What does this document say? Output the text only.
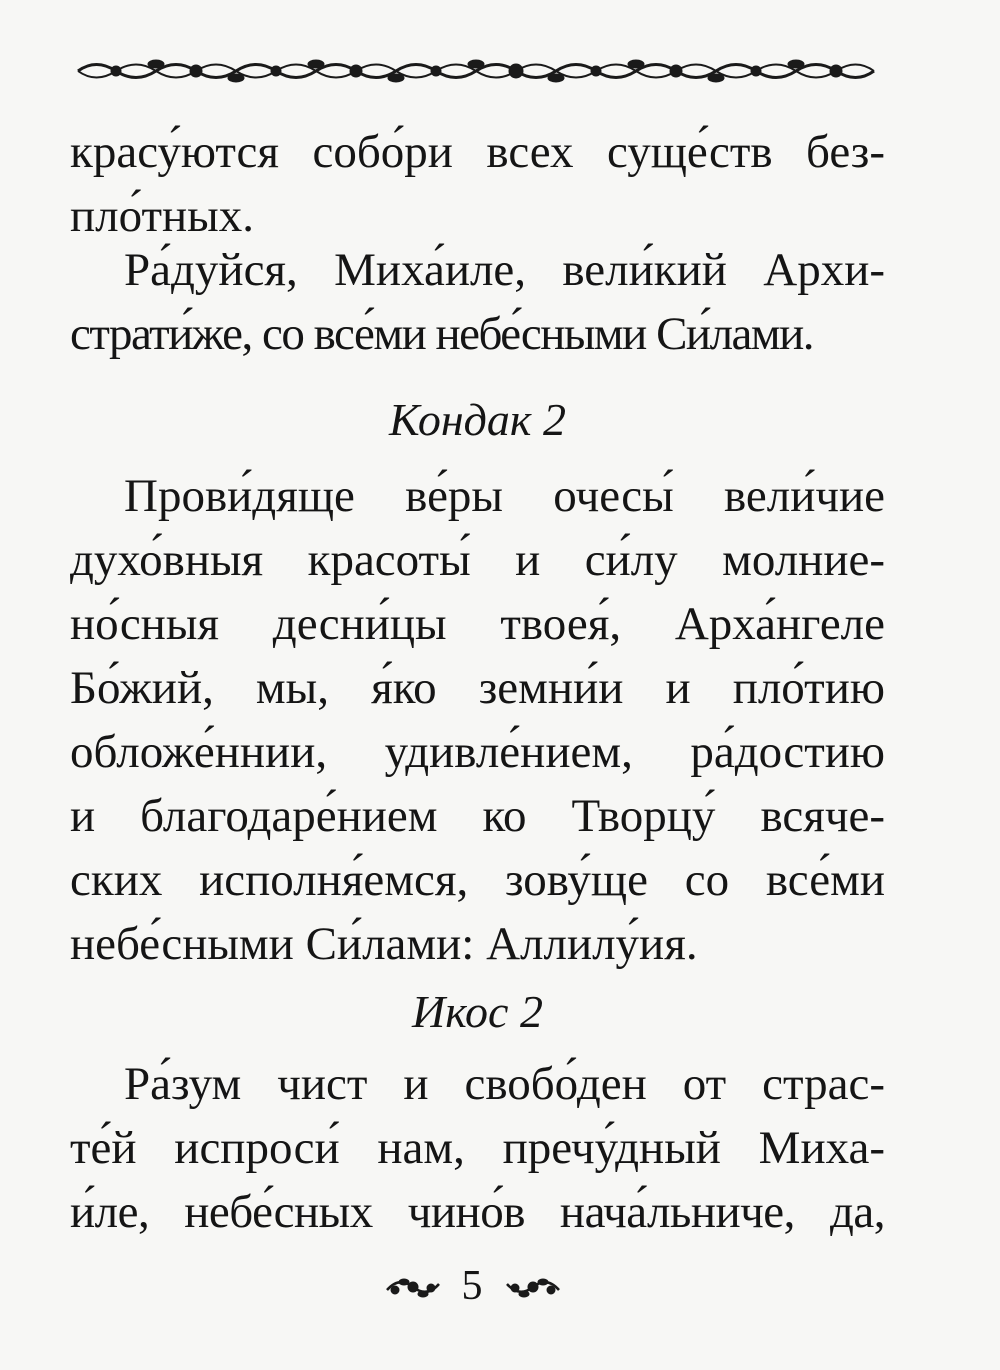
красу́ются собо́ри всех суще́ств без-
пло́тных.
Ра́дуйся, Миха́иле, вели́кий Архи-
страти́же, со все́ми небе́сными Си́лами.
Кондак 2
Прови́дяще ве́ры очесы́ вели́чие
духо́вныя красоты́ и си́лу молние-
но́сныя десни́цы твоея́, Арха́нгеле
Бо́жий, мы, я́ко земни́и и пло́тию
обложе́ннии, удивле́нием, ра́достию
и благодаре́нием ко Творцу́ всяче-
ских исполня́емся, зову́ще со все́ми
небе́сными Си́лами: Аллилу́ия.
Икос 2
Ра́зум чист и свобо́ден от страс-
те́й испроси́ нам, пречу́дный Миха-
и́ле, небе́сных чино́в нача́льниче, да,
5
